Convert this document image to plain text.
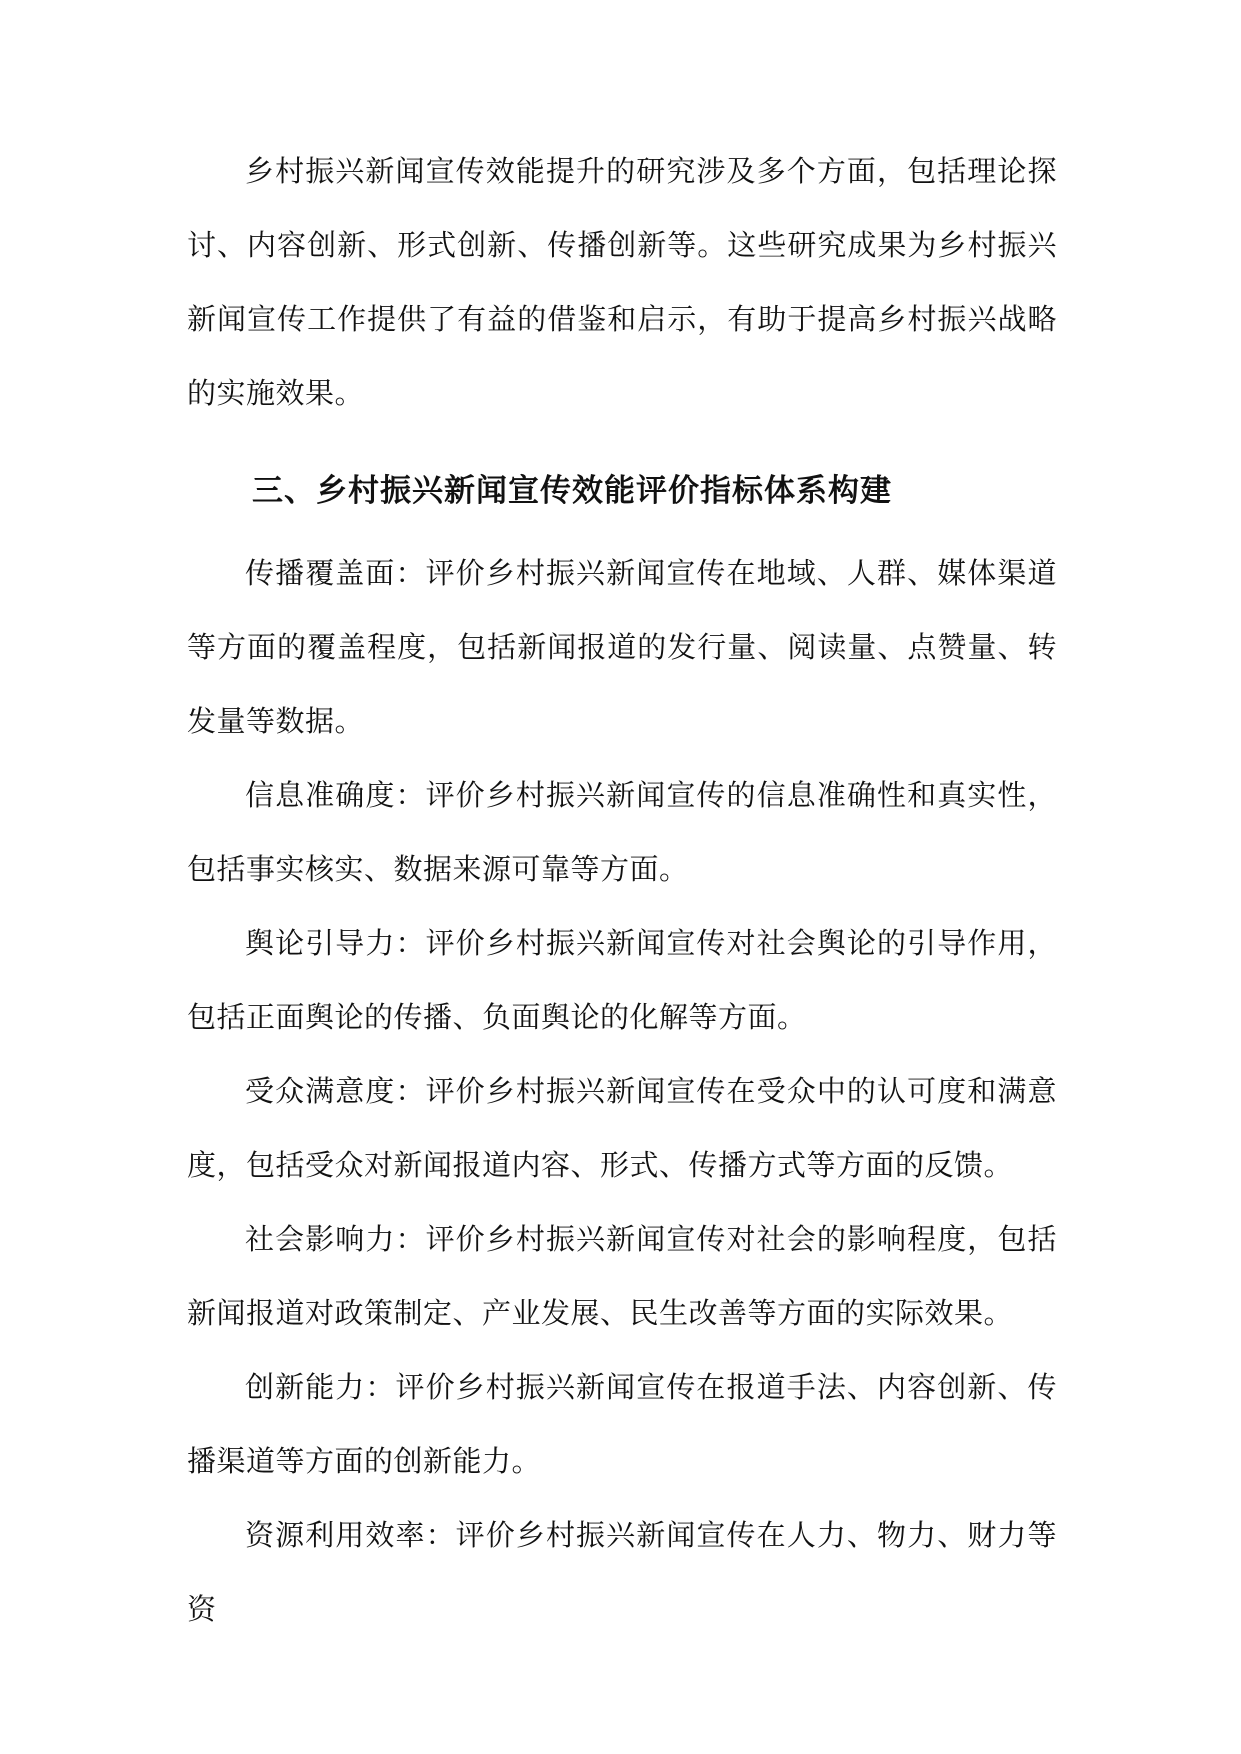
乡村振兴新闻宣传效能提升的研究涉及多个方面，包括理论探讨、内容创新、形式创新、传播创新等。这些研究成果为乡村振兴新闻宣传工作提供了有益的借鉴和启示，有助于提高乡村振兴战略的实施效果。

三、乡村振兴新闻宣传效能评价指标体系构建

传播覆盖面：评价乡村振兴新闻宣传在地域、人群、媒体渠道等方面的覆盖程度，包括新闻报道的发行量、阅读量、点赞量、转发量等数据。

信息准确度：评价乡村振兴新闻宣传的信息准确性和真实性，包括事实核实、数据来源可靠等方面。

舆论引导力：评价乡村振兴新闻宣传对社会舆论的引导作用，包括正面舆论的传播、负面舆论的化解等方面。

受众满意度：评价乡村振兴新闻宣传在受众中的认可度和满意度，包括受众对新闻报道内容、形式、传播方式等方面的反馈。

社会影响力：评价乡村振兴新闻宣传对社会的影响程度，包括新闻报道对政策制定、产业发展、民生改善等方面的实际效果。

创新能力：评价乡村振兴新闻宣传在报道手法、内容创新、传播渠道等方面的创新能力。

资源利用效率：评价乡村振兴新闻宣传在人力、物力、财力等资
